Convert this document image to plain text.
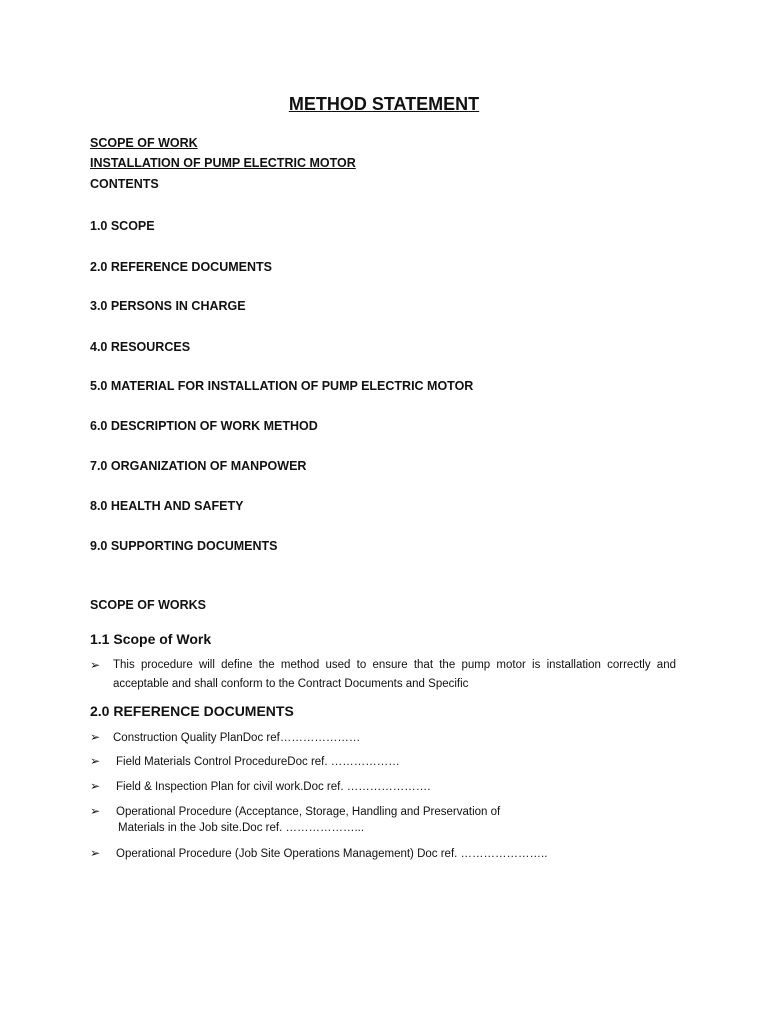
METHOD STATEMENT
SCOPE OF WORK
INSTALLATION OF PUMP ELECTRIC MOTOR
CONTENTS
1.0 SCOPE
2.0 REFERENCE DOCUMENTS
3.0 PERSONS IN CHARGE
4.0 RESOURCES
5.0 MATERIAL FOR INSTALLATION OF PUMP ELECTRIC MOTOR
6.0 DESCRIPTION OF WORK METHOD
7.0 ORGANIZATION OF MANPOWER
8.0 HEALTH AND SAFETY
9.0 SUPPORTING DOCUMENTS
SCOPE OF WORKS
1.1 Scope of Work
➢ This procedure will define the method used to ensure that the pump motor is installation correctly and acceptable and shall conform to the Contract Documents and Specific
2.0 REFERENCE DOCUMENTS
➢ Construction Quality PlanDoc ref…………………
➢ Field Materials Control ProcedureDoc ref. ………………
➢ Field & Inspection Plan for civil work.Doc ref. ………………….
➢ Operational Procedure (Acceptance, Storage, Handling and Preservation of
Materials in the Job site.Doc ref. ………………...
➢ Operational Procedure (Job Site Operations Management) Doc ref. …………………..
